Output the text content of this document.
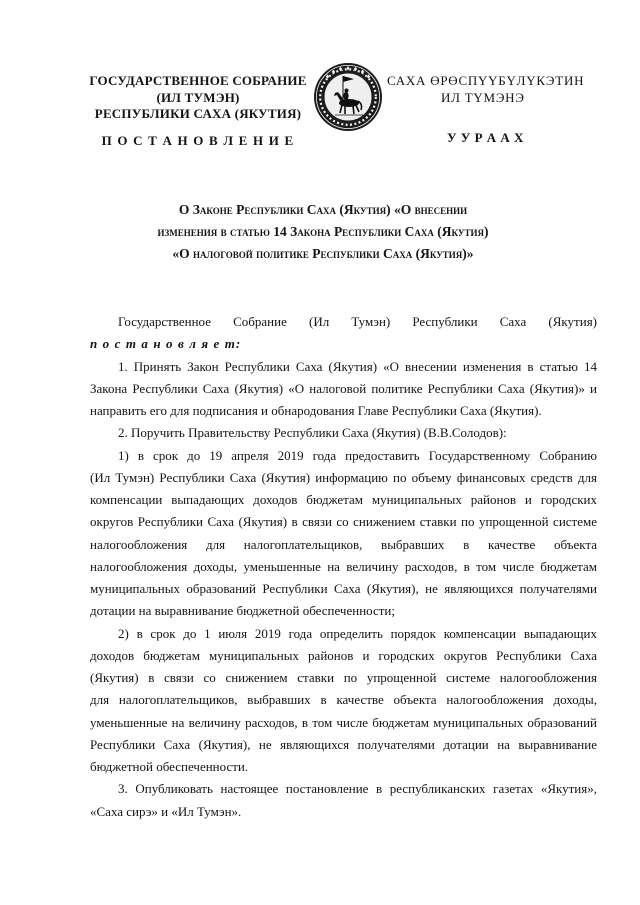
ГОСУДАРСТВЕННОЕ СОБРАНИЕ
(ИЛ ТУМЭН)
РЕСПУБЛИКИ САХА (ЯКУТИЯ)
П О С Т А Н О В Л Е Н И Е
САХА ӨРӨСПҮҮБҮЛҮКЭТИН
ИЛ ТҮМЭНЭ
У У Р А А Х
О Законе Республики Саха (Якутия) «О внесении
изменения в статью 14 Закона Республики Саха (Якутия)
«О налоговой политике Республики Саха (Якутия)»
Государственное Собрание (Ил Тумэн) Республики Саха (Якутия)
п о с т а н о в л я е т:
1. Принять Закон Республики Саха (Якутия) «О внесении изменения в статью 14
Закона Республики Саха (Якутия) «О налоговой политике Республики Саха (Якутия)» и
направить его для подписания и обнародования Главе Республики Саха (Якутия).
2. Поручить Правительству Республики Саха (Якутия) (В.В.Солодов):
1) в срок до 19 апреля 2019 года предоставить Государственному Собранию
(Ил Тумэн) Республики Саха (Якутия) информацию по объему финансовых средств для
компенсации выпадающих доходов бюджетам муниципальных районов и городских
округов Республики Саха (Якутия) в связи со снижением ставки по упрощенной системе
налогообложения для налогоплательщиков, выбравших в качестве объекта
налогообложения доходы, уменьшенные на величину расходов, в том числе бюджетам
муниципальных образований Республики Саха (Якутия), не являющихся получателями
дотации на выравнивание бюджетной обеспеченности;
2) в срок до 1 июля 2019 года определить порядок компенсации выпадающих
доходов бюджетам муниципальных районов и городских округов Республики Саха
(Якутия) в связи со снижением ставки по упрощенной системе налогообложения
для налогоплательщиков, выбравших в качестве объекта налогообложения доходы,
уменьшенные на величину расходов, в том числе бюджетам муниципальных образований
Республики Саха (Якутия), не являющихся получателями дотации на выравнивание
бюджетной обеспеченности.
3. Опубликовать настоящее постановление в республиканских газетах «Якутия»,
«Саха сирэ» и «Ил Тумэн».
